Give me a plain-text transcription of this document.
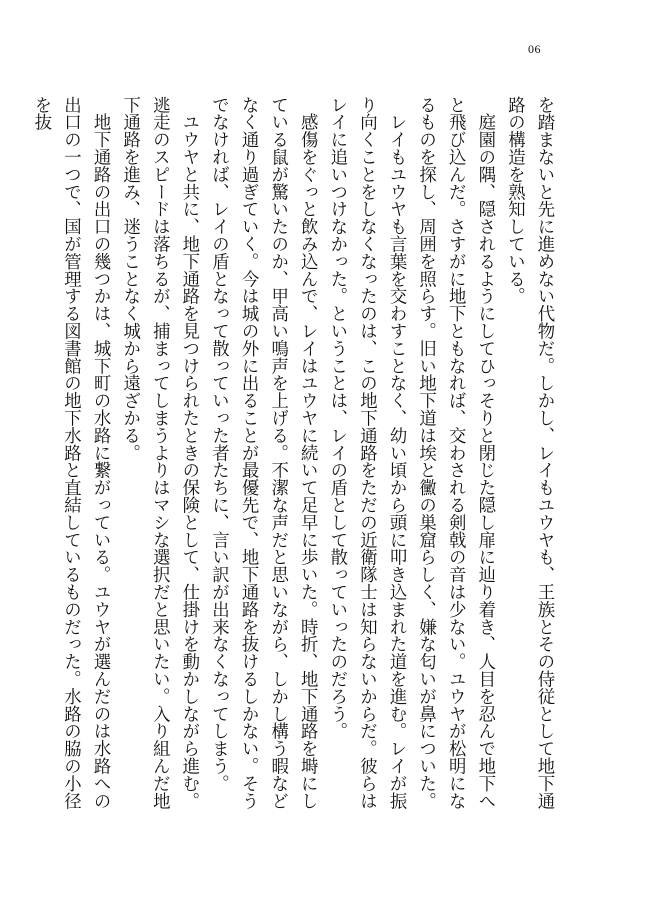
06

を踏まないと先に進めない代物だ。しかし、レイもユウヤも、王族とその侍従として地下通路の構造を熟知している。

　庭園の隅、隠されるようにしてひっそりと閉じた隠し扉に辿り着き、人目を忍んで地下へと飛び込んだ。さすがに地下ともなれば、交わされる剣戟の音は少ない。ユウヤが松明になるものを探し、周囲を照らす。旧い地下道は埃と黴の巣窟らしく、嫌な匂いが鼻についた。

　レイもユウヤも言葉を交わすことなく、幼い頃から頭に叩き込まれた道を進む。レイが振り向くことをしなくなったのは、この地下通路をただの近衛隊士は知らないからだ。彼らはレイに追いつけなかった。ということは、レイの盾として散っていったのだろう。

　感傷をぐっと飲み込んで、レイはユウヤに続いて足早に歩いた。時折、地下通路を塒にしている鼠が驚いたのか、甲高い鳴声を上げる。不潔な声だと思いながら、しかし構う暇などなく通り過ぎていく。今は城の外に出ることが最優先で、地下通路を抜けるしかない。そうでなければ、レイの盾となって散っていった者たちに、言い訳が出来なくなってしまう。

　ユウヤと共に、地下通路を見つけられたときの保険として、仕掛けを動かしながら進む。逃走のスピードは落ちるが、捕まってしまうよりはマシな選択だと思いたい。入り組んだ地下通路を進み、迷うことなく城から遠ざかる。

　地下通路の出口の幾つかは、城下町の水路に繋がっている。ユウヤが選んだのは水路への出口の一つで、国が管理する図書館の地下水路と直結しているものだった。水路の脇の小径を抜
